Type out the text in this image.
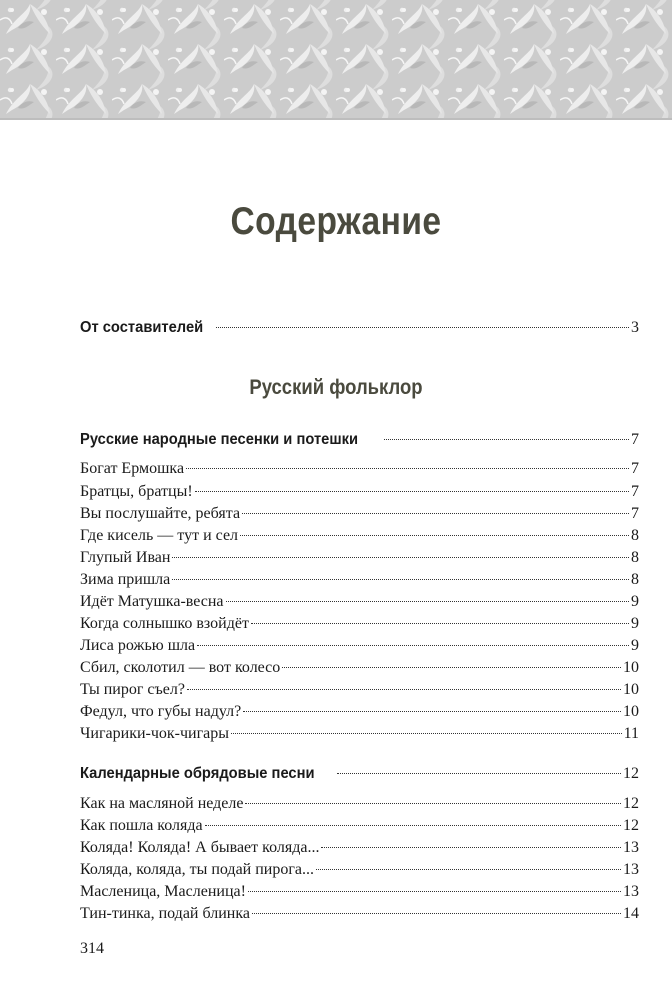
Содержание
От составителей	3
Русский фольклор
Русские народные песенки и потешки	7
Богат Ермошка	7
Братцы, братцы!	7
Вы послушайте, ребята	7
Где кисель — тут и сел	8
Глупый Иван	8
Зима пришла	8
Идёт Матушка-весна	9
Когда солнышко взойдёт	9
Лиса рожью шла	9
Сбил, сколотил — вот колесо	10
Ты пирог съел?	10
Федул, что губы надул?	10
Чигарики-чок-чигары	11
Календарные обрядовые песни	12
Как на масляной неделе	12
Как пошла коляда	12
Коляда! Коляда! А бывает коляда...	13
Коляда, коляда, ты подай пирога...	13
Масленица, Масленица!	13
Тин-тинка, подай блинка	14
314
